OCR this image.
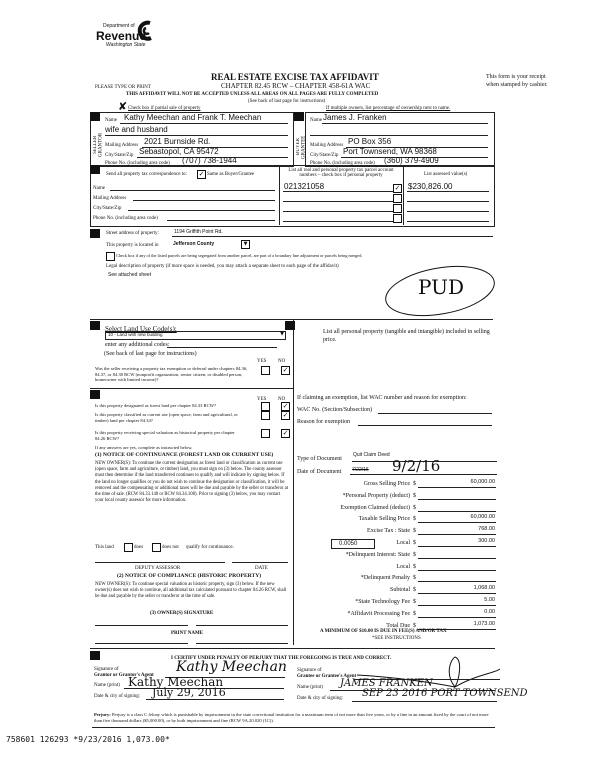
Department of
Revenue
Washington State
PLEASE TYPE OR PRINT
REAL ESTATE EXCISE TAX AFFIDAVIT
CHAPTER 82.45 RCW – CHAPTER 458-61A WAC
THIS AFFIDAVIT WILL NOT BE ACCEPTED UNLESS ALL AREAS ON ALL PAGES ARE FULLY COMPLETED
(See back of last page for instructions)
This form is your receipt
when stamped by cashier.
✘ Check box if partial sale of property	If multiple owners, list percentage of ownership next to name.
SELLER GRANTOR
Name Kathy Meechan and Frank T. Meechan
wife and husband
Mailing Address 2021 Burnside Rd.
City/State/Zip Sebastopol, CA 95472
Phone No. (including area code) (707) 738-1944
BUYER GRANTEE
Name James J. Franken
Mailing Address PO Box 356
City/State/Zip Port Townsend, WA 98368
Phone No. (including area code) (360) 379-4909
Send all property tax correspondence to: ✓ Same as Buyer/Grantee
Name
Mailing Address
City/State/Zip
Phone No. (including area code)
List all real and personal property tax parcel account numbers – check box if personal property
021321058	✓
List assessed value(s)
$230,826.00
Street address of property:	1194 Griffith Point Rd.
This property is located in	Jefferson County	▼
Check box if any of the listed parcels are being segregated from another parcel, are part of a boundary line adjustment or parcels being merged.
Legal description of property (if more space is needed, you may attach a separate sheet to each page of the affidavit)
See attached sheet	PUD
Select Land Use Code(s):
10 - Land with new building	▼
enter any additional codes:
(See back of last page for instructions)
YES NO
Was the seller receiving a property tax exemption or deferral under chapters 84.36, 84.37, or 84.38 RCW (nonprofit organization, senior citizen, or disabled person, homeowner with limited income)?
✓
List all personal property (tangible and intangible) included in selling price.
YES NO
Is this property designated as forest land per chapter 84.33 RCW?	✓
Is this property classified as current use (open space, farm and agricultural, or timber) land per chapter 84.34?
✓
Is this property receiving special valuation as historical property per chapter 84.26 RCW?
✓
If any answers are yes, complete as instructed below.
(1) NOTICE OF CONTINUANCE (FOREST LAND OR CURRENT USE)
NEW OWNER(S): To continue the current designation as forest land or classification as current use (open space, farm and agriculture, or timber) land, you must sign on (3) below. The county assessor must then determine if the land transferred continues to qualify and will indicate by signing below. If the land no longer qualifies or you do not wish to continue the designation or classification, it will be removed and the compensating or additional taxes will be due and payable by the seller or transferor at the time of sale. (RCW 84.33.140 or RCW 84.34.108). Prior to signing (3) below, you may contact your local county assessor for more information.
This land	does	does not qualify for continuance.
DEPUTY ASSESSOR	DATE
(2) NOTICE OF COMPLIANCE (HISTORIC PROPERTY)
NEW OWNER(S): To continue special valuation as historic property, sign (3) below. If the new owner(s) does not wish to continue, all additional tax calculated pursuant to chapter 84.26 RCW, shall be due and payable by the seller or transferor at the time of sale.
(3) OWNER(S) SIGNATURE
PRINT NAME
If claiming an exemption, list WAC number and reason for exemption:
WAC No. (Section/Subsection)
Reason for exemption
Type of Document
Quit Claim Deed
Date of Document 7/22/16 9/2/16
Gross Selling Price $	60,000.00
*Personal Property (deduct) $
Exemption Claimed (deduct) $
Taxable Selling Price $	60,000.00
Excise Tax : State $	768.00
Local $	300.00
*Delinquent Interest: State $
Local $
*Delinquent Penalty $
Subtotal $	1,068.00
*State Technology Fee $	5.00
*Affidavit Processing Fee $	0.00
Total Due $	1,073.00
0.0050
A MINIMUM OF $10.00 IS DUE IN FEE(S) AND/OR TAX
*SEE INSTRUCTIONS
I CERTIFY UNDER PENALTY OF PERJURY THAT THE FOREGOING IS TRUE AND CORRECT.
Signature of
Grantor or Grantor's Agent
Kathy Meechan
Name (print) Kathy Meechan
Date & city of signing: July 29, 2016
Signature of
Grantee or Grantee's Agent
Name (print) JAMES FRANKEN
Date & city of signing: SEP 23 2016 PORT TOWNSEND
Perjury: Perjury is a class C felony which is punishable by imprisonment in the state correctional institution for a maximum term of not more than five years, or by a fine in an amount fixed by the court of not more than five thousand dollars ($5,000.00), or by both imprisonment and fine (RCW 9A.20.020 (1C)).
758601 126293 *9/23/2016 1,073.00*
